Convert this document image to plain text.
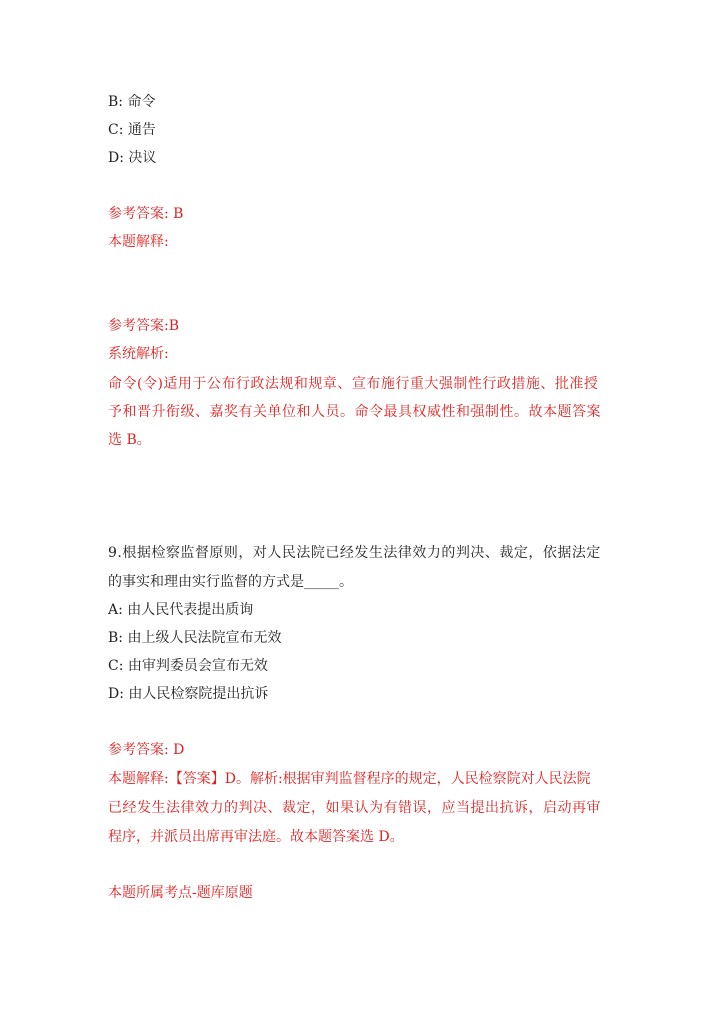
B: 命令
C: 通告
D: 决议
参考答案: B
本题解释:
参考答案:B
系统解析:
命令(令)适用于公布行政法规和规章、宣布施行重大强制性行政措施、批准授
予和晋升衔级、嘉奖有关单位和人员。命令最具权威性和强制性。故本题答案
选 B。
9.根据检察监督原则，对人民法院已经发生法律效力的判决、裁定，依据法定
的事实和理由实行监督的方式是_____。
A: 由人民代表提出质询
B: 由上级人民法院宣布无效
C: 由审判委员会宣布无效
D: 由人民检察院提出抗诉
参考答案: D
本题解释:【答案】D。解析:根据审判监督程序的规定，人民检察院对人民法院
已经发生法律效力的判决、裁定，如果认为有错误，应当提出抗诉，启动再审
程序，并派员出席再审法庭。故本题答案选 D。
本题所属考点-题库原题
